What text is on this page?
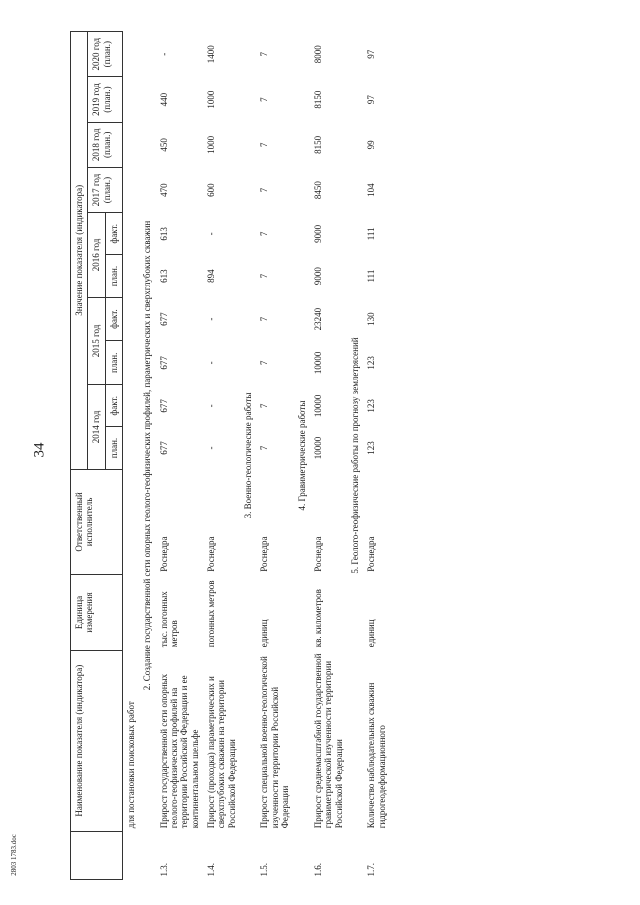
34
2803 1783.doc
	Наименование показателя (индикатора)	Единица измерения	Ответственный исполнитель	Значение показателя (индикатора)									
				2014 год		2015 год		2016 год		2017 год (план.)	2018 год (план.)	2019 год (план.)	2020 год (план.)
				план.	факт.	план.	факт.	план.	факт.				
	для постановки поисковых работ												
2. Создание государственной сети опорных геолого-геофизических профилей, параметрических и сверхглубоких скважин													
1.3.	Прирост государственной сети опорных геолого-геофизических профилей на территории Российской Федерации и ее континентальном шельфе	тыс. погонных метров	Роснедра	677	677	677	677	613	613	470	450	440	-
1.4.	Прирост (проходка) параметрических и сверхглубоких скважин на территории Российской Федерации	погонных метров	Роснедра	-	-	-	-	894	-	600	1000	1000	1400
3. Военно-геологические работы													
1.5.	Прирост специальной военно-геологической изученности территории Российской Федерации	единиц	Роснедра	7	7	7	7	7	7	7	7	7	7
4. Гравиметрические работы													
1.6.	Прирост среднемасштабной государственной гравиметрической изученности территории Российской Федерации	кв. километров	Роснедра	10000	10000	10000	23240	9000	9000	8450	8150	8150	8000
5. Геолого-геофизические работы по прогнозу землетрясений													
1.7.	Количество наблюдательных скважин гидрогеодеформационного	единиц	Роснедра	123	123	123	130	111	111	104	99	97	97
